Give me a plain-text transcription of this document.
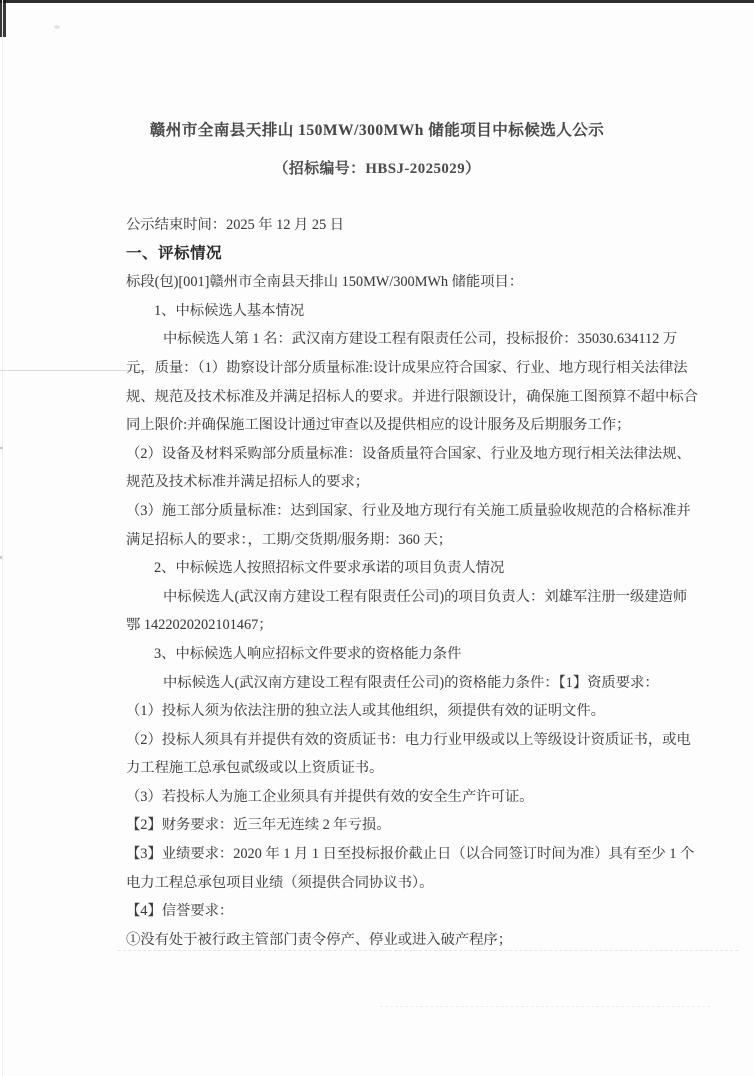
赣州市全南县天排山 150MW/300MWh 储能项目中标候选人公示
（招标编号：HBSJ-2025029）
公示结束时间：2025 年 12 月 25 日
一、评标情况
标段(包)[001]赣州市全南县天排山 150MW/300MWh 储能项目：
1、中标候选人基本情况
中标候选人第 1 名：武汉南方建设工程有限责任公司，投标报价：35030.634112 万
元，质量：（1）勘察设计部分质量标准:设计成果应符合国家、行业、地方现行相关法律法
规、规范及技术标准及并满足招标人的要求。并进行限额设计，确保施工图预算不超中标合
同上限价:并确保施工图设计通过审查以及提供相应的设计服务及后期服务工作；
（2）设备及材料采购部分质量标准：设备质量符合国家、行业及地方现行相关法律法规、
规范及技术标准并满足招标人的要求；
（3）施工部分质量标准：达到国家、行业及地方现行有关施工质量验收规范的合格标准并
满足招标人的要求：，工期/交货期/服务期：360 天；
2、中标候选人按照招标文件要求承诺的项目负责人情况
中标候选人(武汉南方建设工程有限责任公司)的项目负责人：刘雄军注册一级建造师
鄂 1422020202101467；
3、中标候选人响应招标文件要求的资格能力条件
中标候选人(武汉南方建设工程有限责任公司)的资格能力条件：【1】资质要求：
（1）投标人须为依法注册的独立法人或其他组织，须提供有效的证明文件。
（2）投标人须具有并提供有效的资质证书：电力行业甲级或以上等级设计资质证书，或电
力工程施工总承包贰级或以上资质证书。
（3）若投标人为施工企业须具有并提供有效的安全生产许可证。
【2】财务要求：近三年无连续 2 年亏损。
【3】业绩要求：2020 年 1 月 1 日至投标报价截止日（以合同签订时间为准）具有至少 1 个
电力工程总承包项目业绩（须提供合同协议书）。
【4】信誉要求：
①没有处于被行政主管部门责令停产、停业或进入破产程序；
